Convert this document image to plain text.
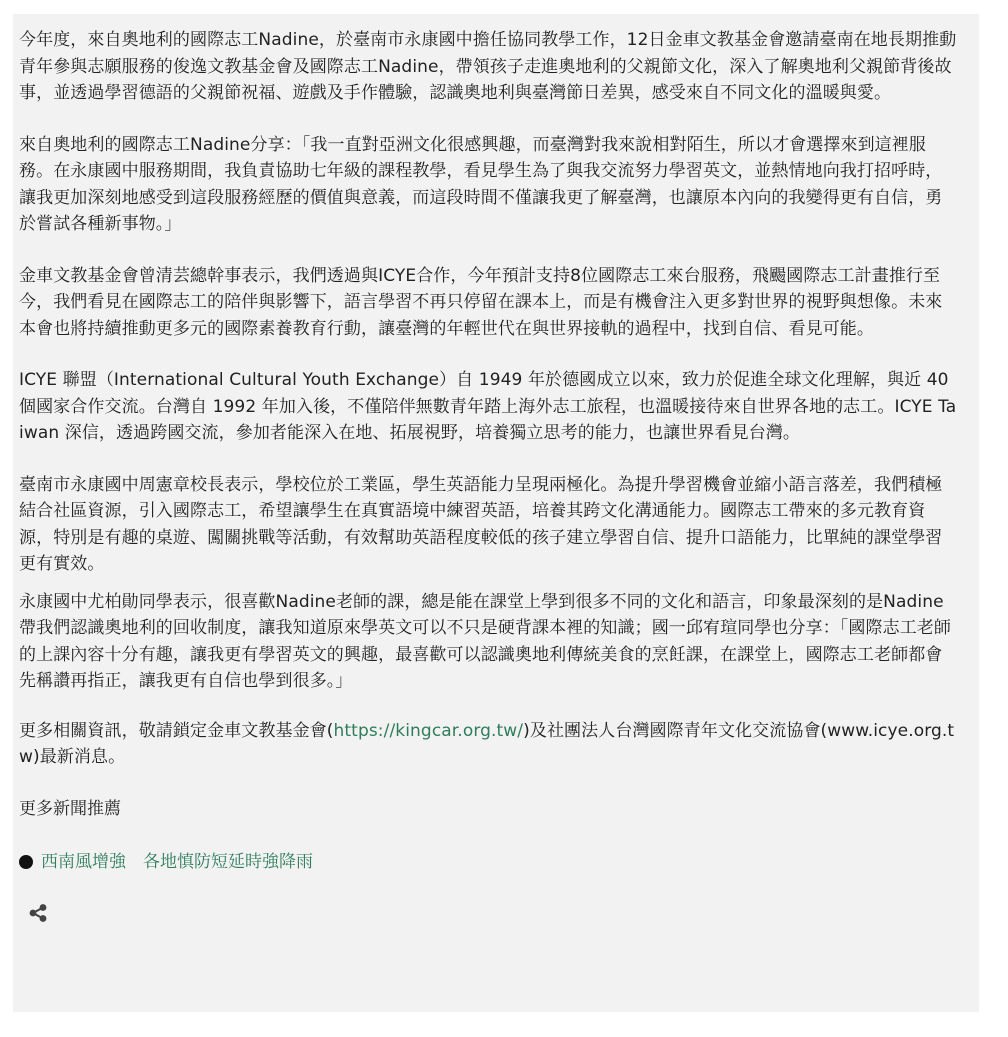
今年度，來自奧地利的國際志工Nadine，於臺南市永康國中擔任協同教學工作，12日金車文教基金會邀請臺南在地長期推動青年參與志願服務的俊逸文教基金會及國際志工Nadine，帶領孩子走進奧地利的父親節文化，深入了解奧地利父親節背後故事，並透過學習德語的父親節祝福、遊戲及手作體驗，認識奧地利與臺灣節日差異，感受來自不同文化的溫暖與愛。

來自奧地利的國際志工Nadine分享：「我一直對亞洲文化很感興趣，而臺灣對我來說相對陌生，所以才會選擇來到這裡服務。在永康國中服務期間，我負責協助七年級的課程教學，看見學生為了與我交流努力學習英文，並熱情地向我打招呼時，讓我更加深刻地感受到這段服務經歷的價值與意義，而這段時間不僅讓我更了解臺灣，也讓原本內向的我變得更有自信，勇於嘗試各種新事物。」

金車文教基金會曾清芸總幹事表示，我們透過與ICYE合作，今年預計支持8位國際志工來台服務，飛颺國際志工計畫推行至今，我們看見在國際志工的陪伴與影響下，語言學習不再只停留在課本上，而是有機會注入更多對世界的視野與想像。未來本會也將持續推動更多元的國際素養教育行動，讓臺灣的年輕世代在與世界接軌的過程中，找到自信、看見可能。

ICYE 聯盟（International Cultural Youth Exchange）自 1949 年於德國成立以來，致力於促進全球文化理解，與近 40 個國家合作交流。台灣自 1992 年加入後，不僅陪伴無數青年踏上海外志工旅程，也溫暖接待來自世界各地的志工。ICYE Taiwan 深信，透過跨國交流，參加者能深入在地、拓展視野，培養獨立思考的能力，也讓世界看見台灣。

臺南市永康國中周憲章校長表示，學校位於工業區，學生英語能力呈現兩極化。為提升學習機會並縮小語言落差，我們積極結合社區資源，引入國際志工，希望讓學生在真實語境中練習英語，培養其跨文化溝通能力。國際志工帶來的多元教育資源，特別是有趣的桌遊、闖關挑戰等活動，有效幫助英語程度較低的孩子建立學習自信、提升口語能力，比單純的課堂學習更有實效。

永康國中尤柏勛同學表示，很喜歡Nadine老師的課，總是能在課堂上學到很多不同的文化和語言，印象最深刻的是Nadine帶我們認識奧地利的回收制度，讓我知道原來學英文可以不只是硬背課本裡的知識；國一邱宥瑄同學也分享：「國際志工老師的上課內容十分有趣，讓我更有學習英文的興趣，最喜歡可以認識奧地利傳統美食的烹飪課，在課堂上，國際志工老師都會先稱讚再指正，讓我更有自信也學到很多。」

更多相關資訊，敬請鎖定金車文教基金會(https://kingcar.org.tw/)及社團法人台灣國際青年文化交流協會(www.icye.org.tw)最新消息。

更多新聞推薦
西南風增強　各地慎防短延時強降雨
